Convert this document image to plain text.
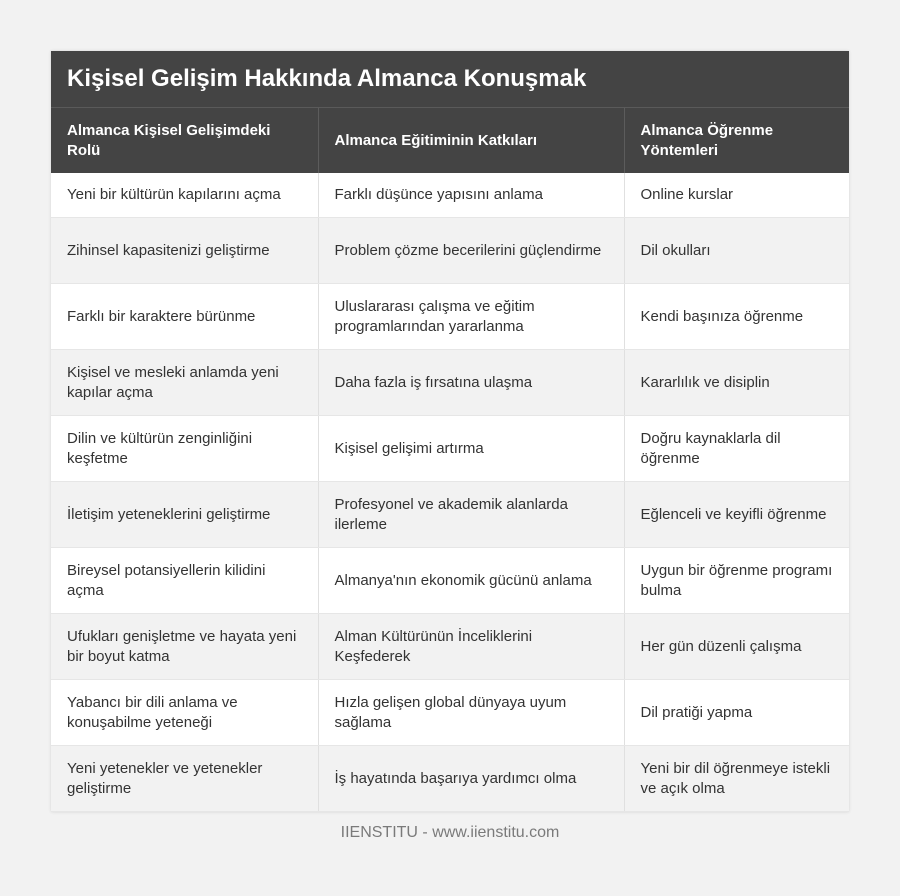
Kişisel Gelişim Hakkında Almanca Konuşmak
Almanca Kişisel Gelişimdeki Rolü	Almanca Eğitiminin Katkıları	Almanca Öğrenme Yöntemleri
Yeni bir kültürün kapılarını açma	Farklı düşünce yapısını anlama	Online kurslar
Zihinsel kapasitenizi geliştirme	Problem çözme becerilerini güçlendirme	Dil okulları
Farklı bir karaktere bürünme	Uluslararası çalışma ve eğitim programlarından yararlanma	Kendi başınıza öğrenme
Kişisel ve mesleki anlamda yeni kapılar açma	Daha fazla iş fırsatına ulaşma	Kararlılık ve disiplin
Dilin ve kültürün zenginliğini keşfetme	Kişisel gelişimi artırma	Doğru kaynaklarla dil öğrenme
İletişim yeteneklerini geliştirme	Profesyonel ve akademik alanlarda ilerleme	Eğlenceli ve keyifli öğrenme
Bireysel potansiyellerin kilidini açma	Almanya'nın ekonomik gücünü anlama	Uygun bir öğrenme programı bulma
Ufukları genişletme ve hayata yeni bir boyut katma	Alman Kültürünün İnceliklerini Keşfederek	Her gün düzenli çalışma
Yabancı bir dili anlama ve konuşabilme yeteneği	Hızla gelişen global dünyaya uyum sağlama	Dil pratiği yapma
Yeni yetenekler ve yetenekler geliştirme	İş hayatında başarıya yardımcı olma	Yeni bir dil öğrenmeye istekli ve açık olma
IIENSTITU - www.iienstitu.com
